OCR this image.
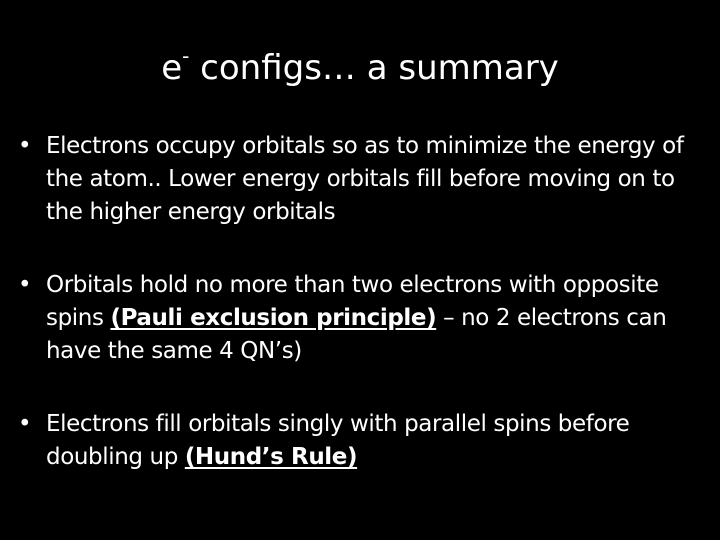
e- configs… a summary
• Electrons occupy orbitals so as to minimize the energy of the atom.. Lower energy orbitals fill before moving on to the higher energy orbitals
• Orbitals hold no more than two electrons with opposite spins (Pauli exclusion principle) – no 2 electrons can have the same 4 QN’s)
• Electrons fill orbitals singly with parallel spins before doubling up (Hund’s Rule)
